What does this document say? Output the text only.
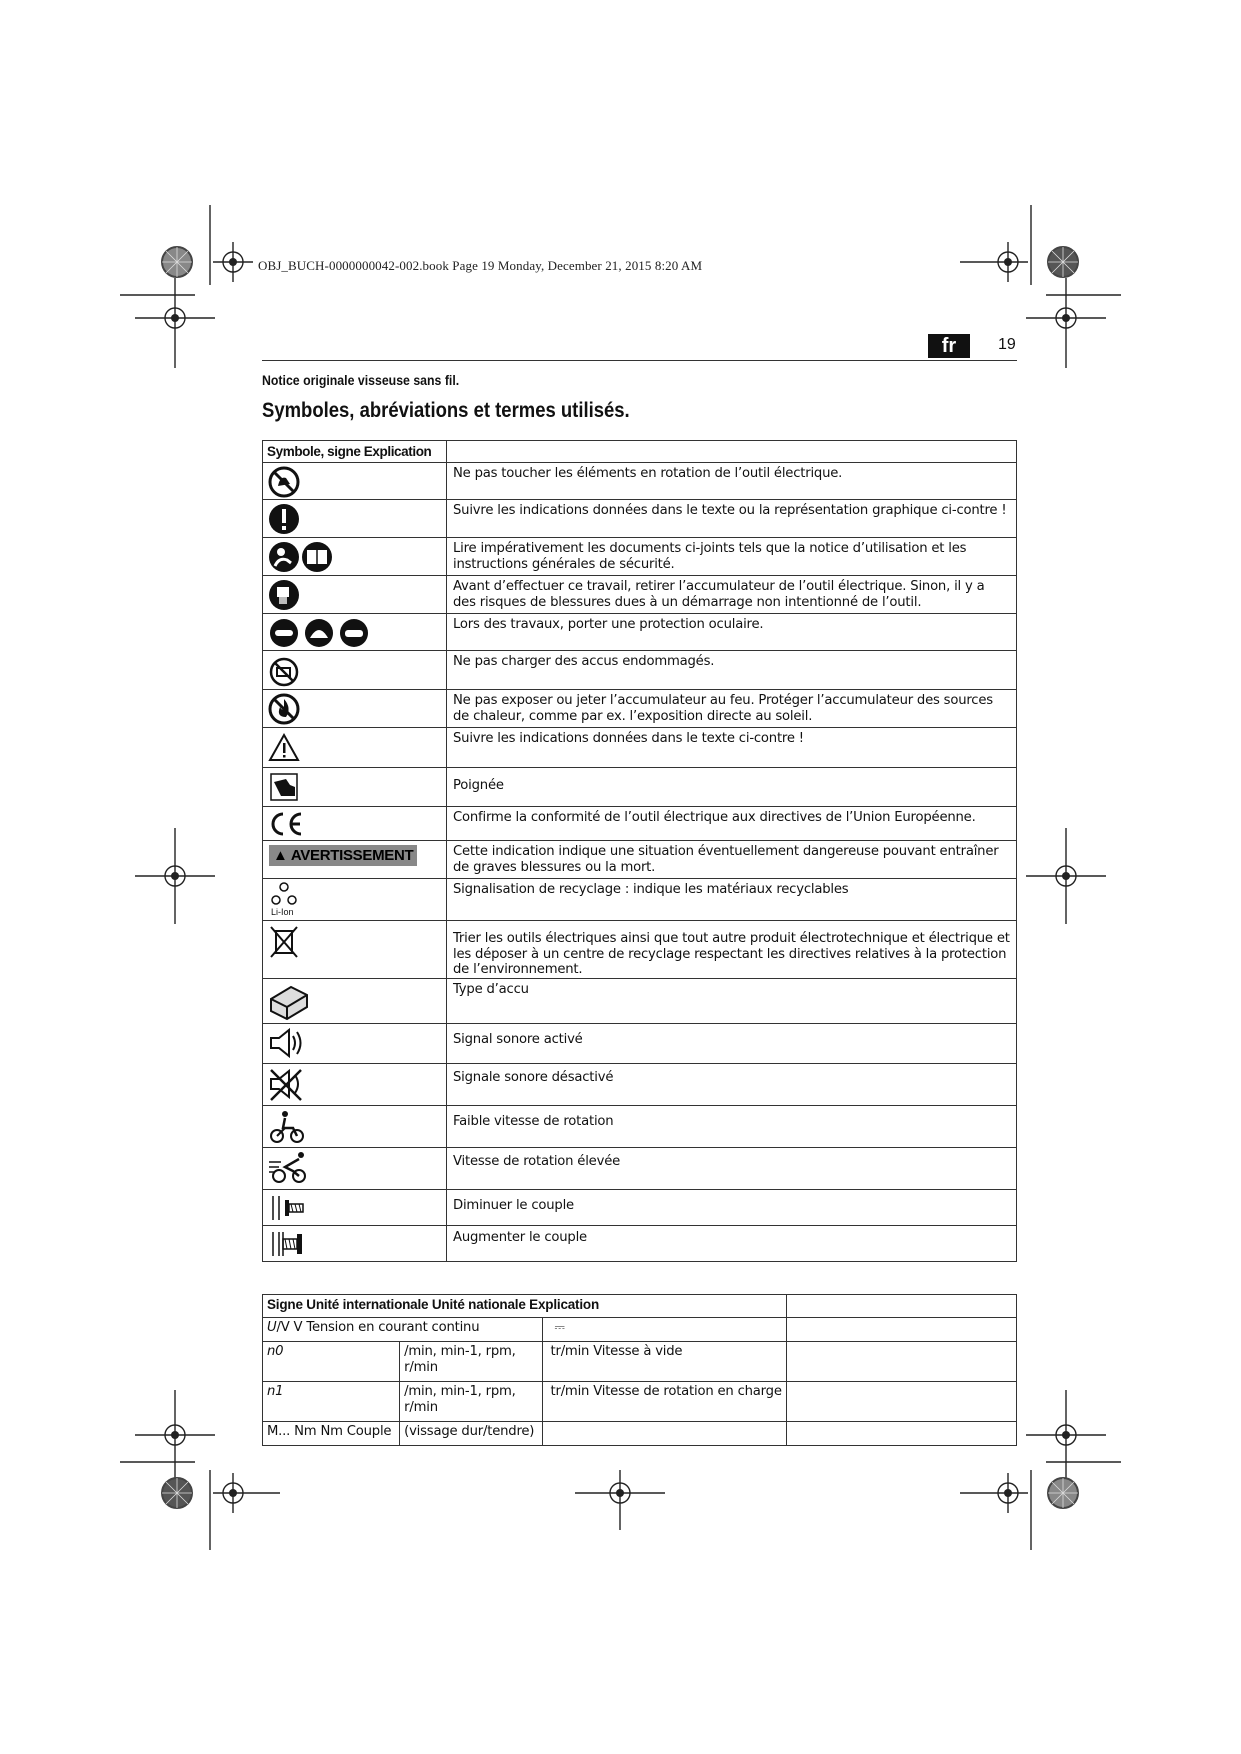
OBJ_BUCH-0000000042-002.book Page 19 Monday, December 21, 2015 8:20 AM
fr	19
Notice originale visseuse sans fil.
Symboles, abréviations et termes utilisés.
Symbole, signe Explication	

	Ne pas toucher les éléments en rotation de l’outil électrique.

	Suivre les indications données dans le texte ou la représentation graphique ci-contre !

	Lire impérativement les documents ci-joints tels que la notice d’utilisation et les instructions générales de sécurité.

	Avant d’effectuer ce travail, retirer l’accumulateur de l’outil électrique. Sinon, il y a des risques de blessures dues à un démarrage non intentionné de l’outil.

	Lors des travaux, porter une protection oculaire.

	Ne pas charger des accus endommagés.

	Ne pas exposer ou jeter l’accumulateur au feu. Protéger l’accumulateur des sources de chaleur, comme par ex. l’exposition directe au soleil.

	Suivre les indications données dans le texte ci-contre !

	Poignée

	Confirme la conformité de l’outil électrique aux directives de l’Union Européenne.
▲ AVERTISSEMENT	Cette indication indique une situation éventuellement dangereuse pouvant entraîner de graves blessures ou la mort.

Li-Ion	Signalisation de recyclage : indique les matériaux recyclables

	Trier les outils électriques ainsi que tout autre produit électrotechnique et électrique et les déposer à un centre de recyclage respectant les directives relatives à la protection de l’environnement.

	Type d’accu

	Signal sonore activé

	Signale sonore désactivé

	Faible vitesse de rotation

	Vitesse de rotation élevée

	Diminuer le couple

	Augmenter le couple
Signe Unité internationale Unité nationale Explication			
U/V V Tension en courant continu		⎓	
n0	/min, min-1, rpm, r/min	tr/min Vitesse à vide	
n1	/min, min-1, rpm, r/min	tr/min Vitesse de rotation en charge	
M... Nm Nm Couple	(vissage dur/tendre)		
